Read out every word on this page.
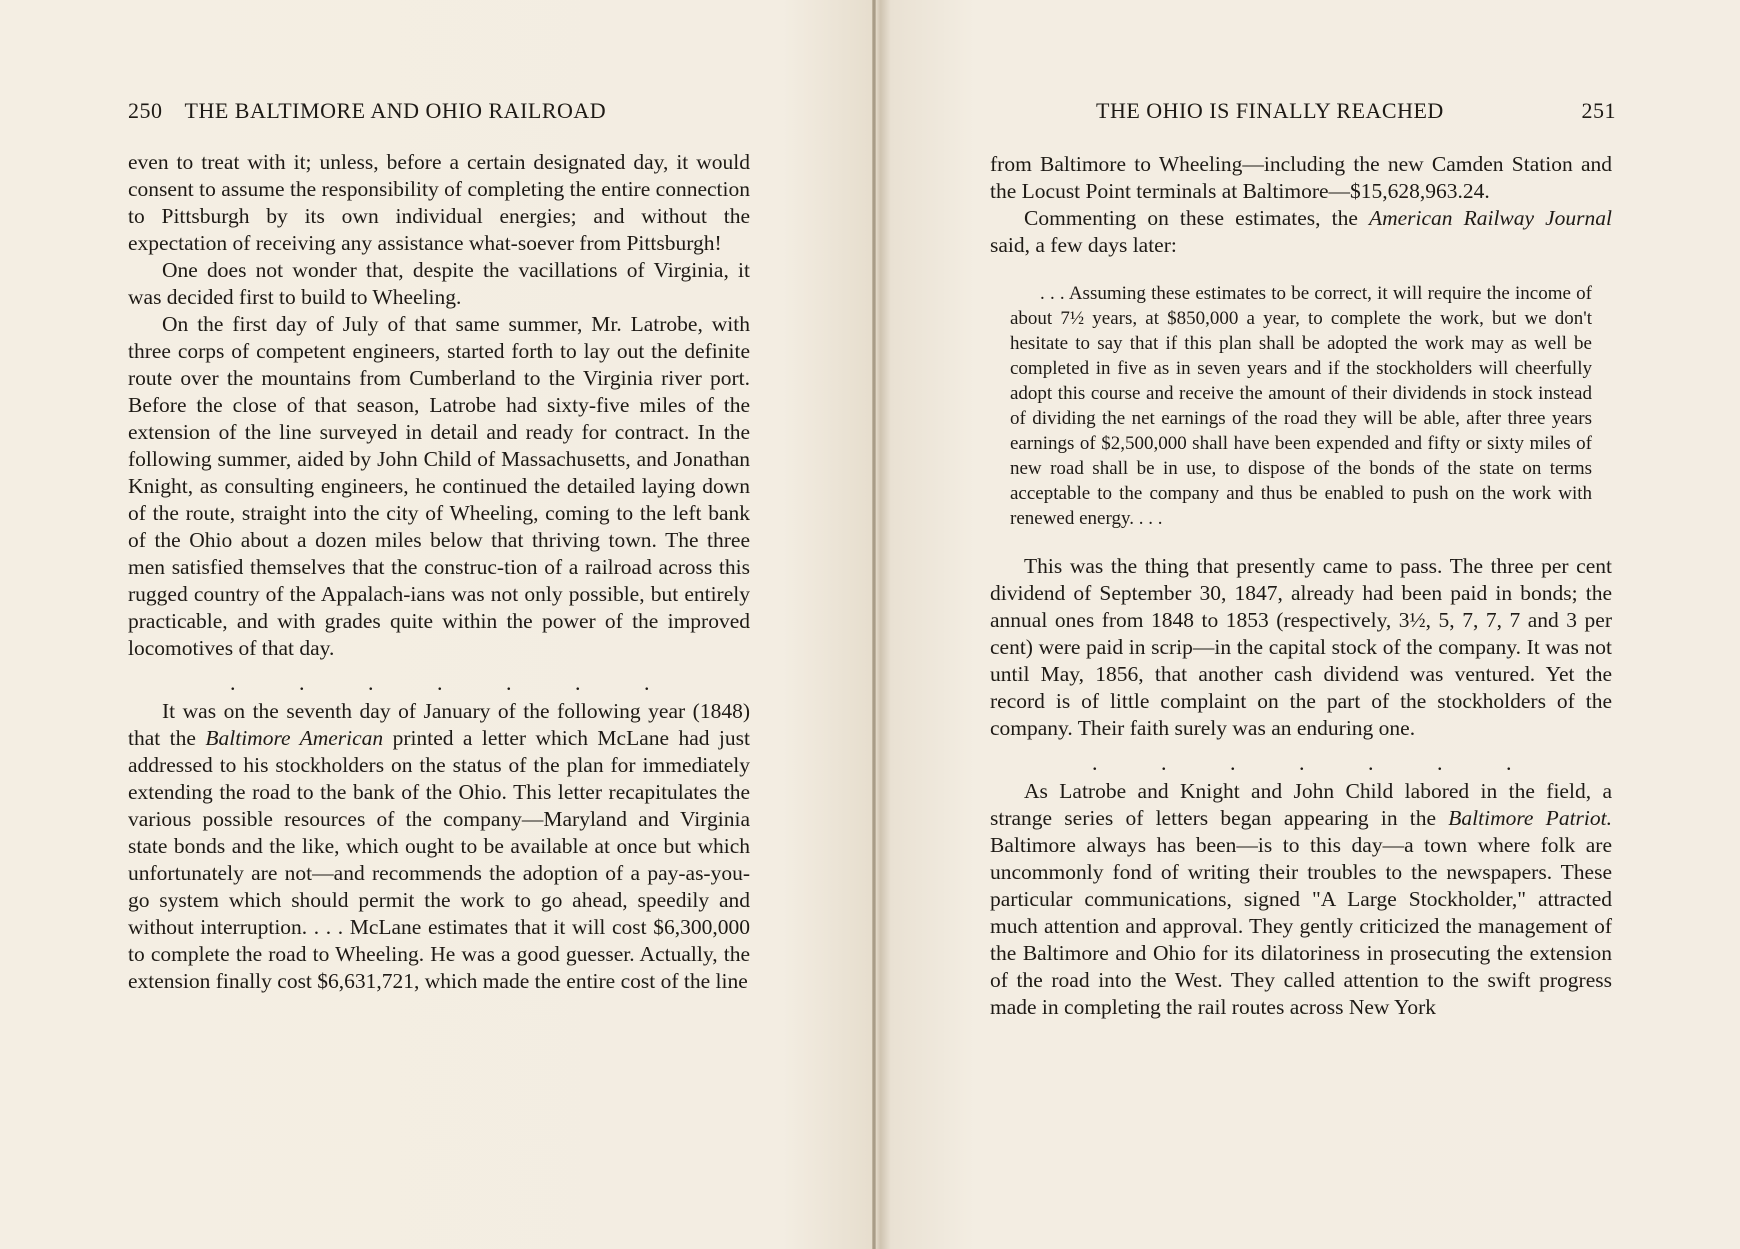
250 THE BALTIMORE AND OHIO RAILROAD

even to treat with it; unless, before a certain designated day, it would consent to assume the responsibility of completing the entire connection to Pittsburgh by its own individual energies; and without the expectation of receiving any assistance what-soever from Pittsburgh!

One does not wonder that, despite the vacillations of Virginia, it was decided first to build to Wheeling.

On the first day of July of that same summer, Mr. Latrobe, with three corps of competent engineers, started forth to lay out the definite route over the mountains from Cumberland to the Virginia river port. Before the close of that season, Latrobe had sixty-five miles of the extension of the line surveyed in detail and ready for contract. In the following summer, aided by John Child of Massachusetts, and Jonathan Knight, as consulting engineers, he continued the detailed laying down of the route, straight into the city of Wheeling, coming to the left bank of the Ohio about a dozen miles below that thriving town. The three men satisfied themselves that the construc-tion of a railroad across this rugged country of the Appalach-ians was not only possible, but entirely practicable, and with grades quite within the power of the improved locomotives of that day.

.	.	.	.	.	.	.

It was on the seventh day of January of the following year (1848) that the Baltimore American printed a letter which McLane had just addressed to his stockholders on the status of the plan for immediately extending the road to the bank of the Ohio. This letter recapitulates the various possible resources of the company—Maryland and Virginia state bonds and the like, which ought to be available at once but which unfortunately are not—and recommends the adoption of a pay-as-you-go system which should permit the work to go ahead, speedily and without interruption. . . . McLane estimates that it will cost $6,300,000 to complete the road to Wheeling. He was a good guesser. Actually, the extension finally cost $6,631,721, which made the entire cost of the line

THE OHIO IS FINALLY REACHED	251

from Baltimore to Wheeling—including the new Camden Station and the Locust Point terminals at Baltimore—$15,628,963.24.

Commenting on these estimates, the American Railway Journal said, a few days later:

. . . Assuming these estimates to be correct, it will require the income of about 7½ years, at $850,000 a year, to complete the work, but we don't hesitate to say that if this plan shall be adopted the work may as well be completed in five as in seven years and if the stockholders will cheerfully adopt this course and receive the amount of their dividends in stock instead of dividing the net earnings of the road they will be able, after three years earnings of $2,500,000 shall have been expended and fifty or sixty miles of new road shall be in use, to dispose of the bonds of the state on terms acceptable to the company and thus be enabled to push on the work with renewed energy. . . .

This was the thing that presently came to pass. The three per cent dividend of September 30, 1847, already had been paid in bonds; the annual ones from 1848 to 1853 (respectively, 3½, 5, 7, 7, 7 and 3 per cent) were paid in scrip—in the capital stock of the company. It was not until May, 1856, that another cash dividend was ventured. Yet the record is of little complaint on the part of the stockholders of the company. Their faith surely was an enduring one.

.	.	.	.	.	.	.

As Latrobe and Knight and John Child labored in the field, a strange series of letters began appearing in the Baltimore Patriot. Baltimore always has been—is to this day—a town where folk are uncommonly fond of writing their troubles to the newspapers. These particular communications, signed "A Large Stockholder," attracted much attention and approval. They gently criticized the management of the Baltimore and Ohio for its dilatoriness in prosecuting the extension of the road into the West. They called attention to the swift progress made in completing the rail routes across New York
